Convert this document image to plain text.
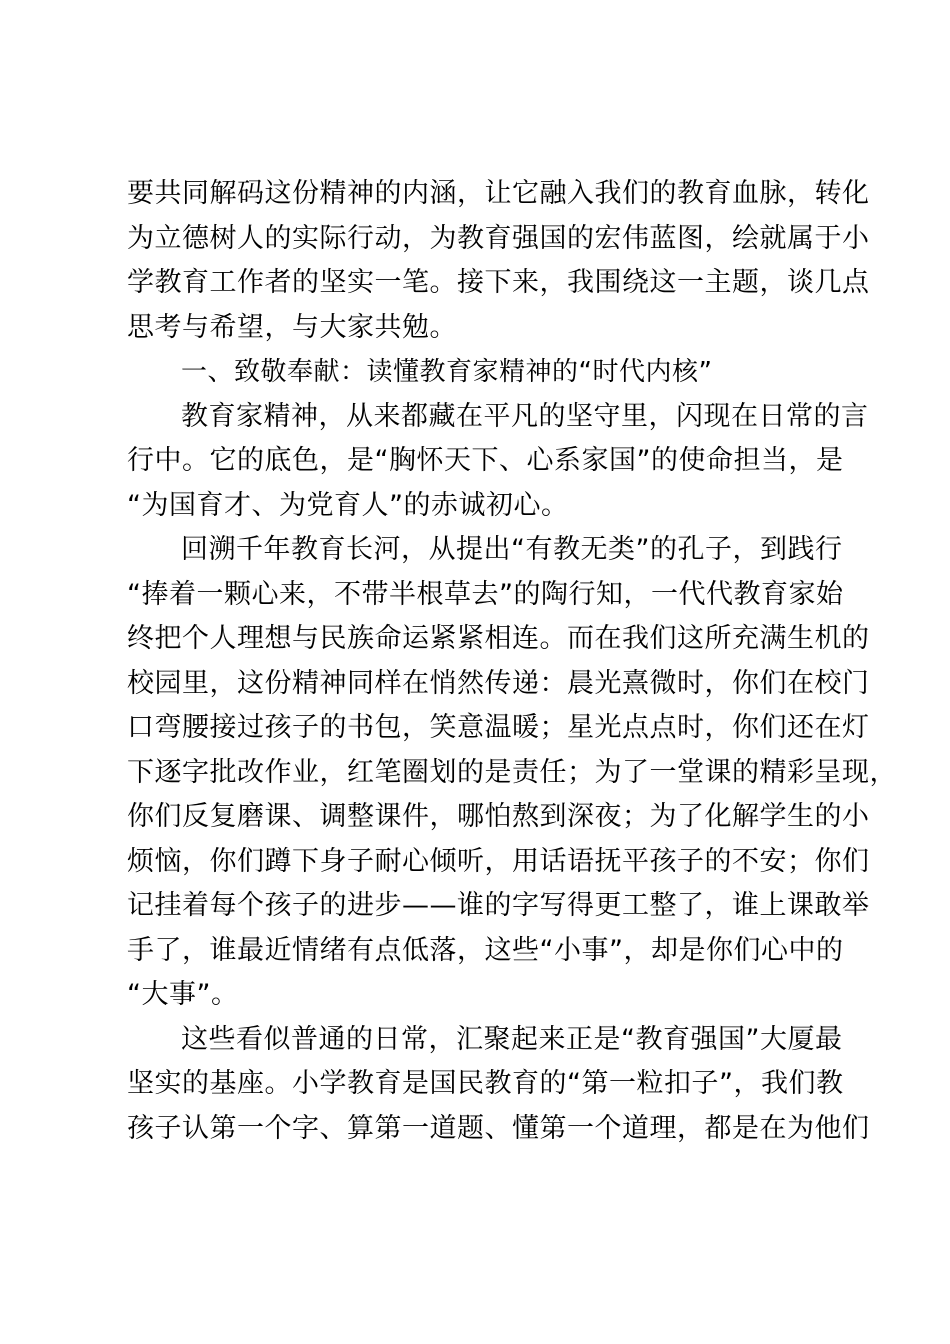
要共同解码这份精神的内涵，让它融入我们的教育血脉，转化
为立德树人的实际行动，为教育强国的宏伟蓝图，绘就属于小
学教育工作者的坚实一笔。接下来，我围绕这一主题，谈几点
思考与希望，与大家共勉。
一、致敬奉献：读懂教育家精神的“时代内核”
教育家精神，从来都藏在平凡的坚守里，闪现在日常的言
行中。它的底色，是“胸怀天下、心系家国”的使命担当，是
“为国育才、为党育人”的赤诚初心。
回溯千年教育长河，从提出“有教无类”的孔子，到践行
“捧着一颗心来，不带半根草去”的陶行知，一代代教育家始
终把个人理想与民族命运紧紧相连。而在我们这所充满生机的
校园里，这份精神同样在悄然传递：晨光熹微时，你们在校门
口弯腰接过孩子的书包，笑意温暖；星光点点时，你们还在灯
下逐字批改作业，红笔圈划的是责任；为了一堂课的精彩呈现，
你们反复磨课、调整课件，哪怕熬到深夜；为了化解学生的小
烦恼，你们蹲下身子耐心倾听，用话语抚平孩子的不安；你们
记挂着每个孩子的进步——谁的字写得更工整了，谁上课敢举
手了，谁最近情绪有点低落，这些“小事”，却是你们心中的
“大事”。
这些看似普通的日常，汇聚起来正是“教育强国”大厦最
坚实的基座。小学教育是国民教育的“第一粒扣子”，我们教
孩子认第一个字、算第一道题、懂第一个道理，都是在为他们
